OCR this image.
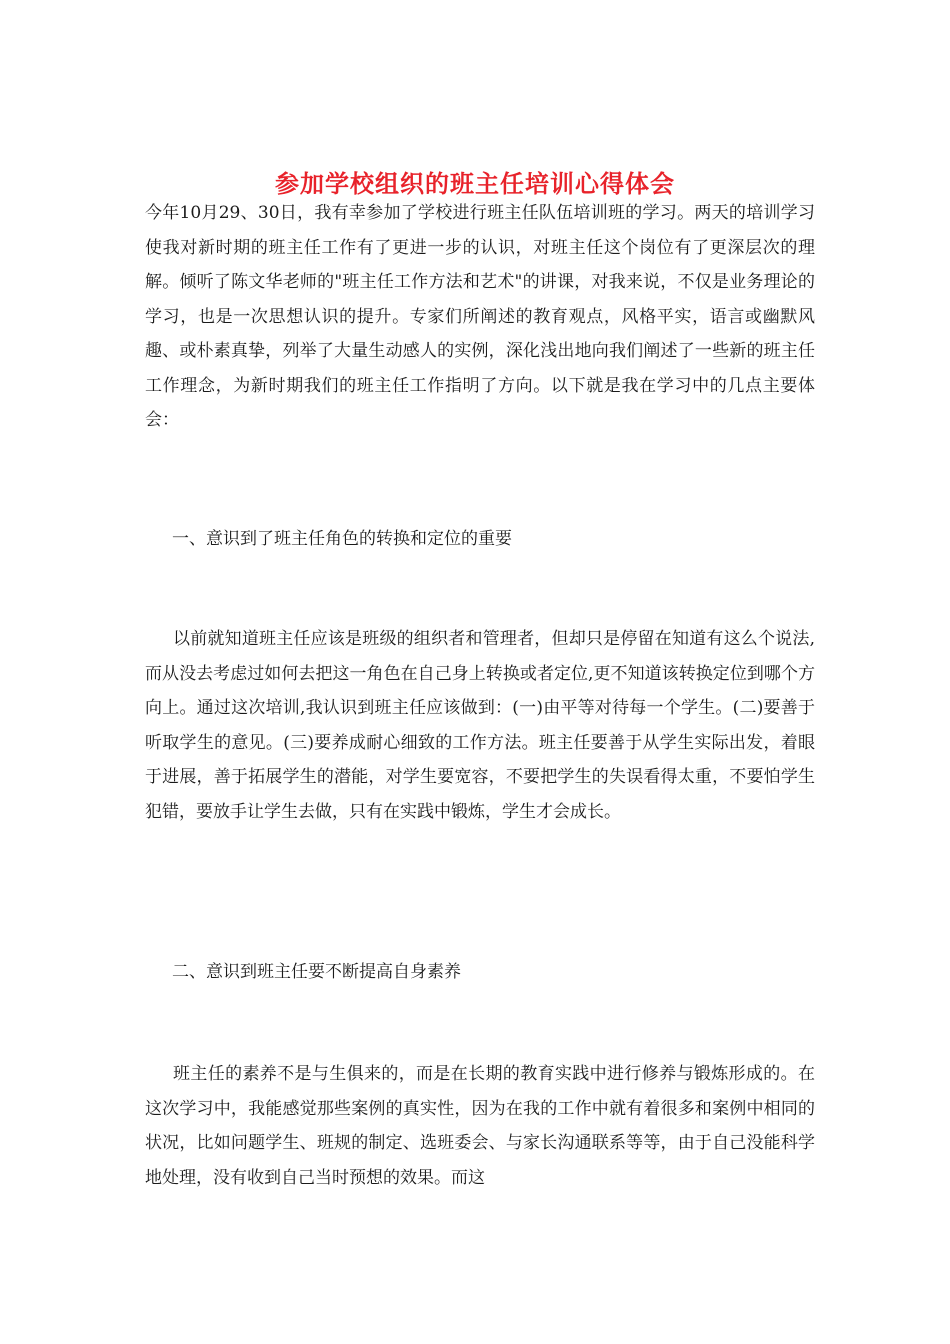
参加学校组织的班主任培训心得体会

今年10月29、30日，我有幸参加了学校进行班主任队伍培训班的学习。两天的培训学习使我对新时期的班主任工作有了更进一步的认识，对班主任这个岗位有了更深层次的理解。倾听了陈文华老师的"班主任工作方法和艺术"的讲课，对我来说，不仅是业务理论的学习，也是一次思想认识的提升。专家们所阐述的教育观点，风格平实，语言或幽默风趣、或朴素真挚，列举了大量生动感人的实例，深化浅出地向我们阐述了一些新的班主任工作理念，为新时期我们的班主任工作指明了方向。以下就是我在学习中的几点主要体会：

一、意识到了班主任角色的转换和定位的重要

以前就知道班主任应该是班级的组织者和管理者，但却只是停留在知道有这么个说法,而从没去考虑过如何去把这一角色在自己身上转换或者定位,更不知道该转换定位到哪个方向上。通过这次培训,我认识到班主任应该做到：(一)由平等对待每一个学生。(二)要善于听取学生的意见。(三)要养成耐心细致的工作方法。班主任要善于从学生实际出发，着眼于进展，善于拓展学生的潜能，对学生要宽容，不要把学生的失误看得太重，不要怕学生犯错，要放手让学生去做，只有在实践中锻炼，学生才会成长。

二、意识到班主任要不断提高自身素养

班主任的素养不是与生俱来的，而是在长期的教育实践中进行修养与锻炼形成的。在这次学习中，我能感觉那些案例的真实性，因为在我的工作中就有着很多和案例中相同的状况，比如问题学生、班规的制定、选班委会、与家长沟通联系等等，由于自己没能科学地处理，没有收到自己当时预想的效果。而这
